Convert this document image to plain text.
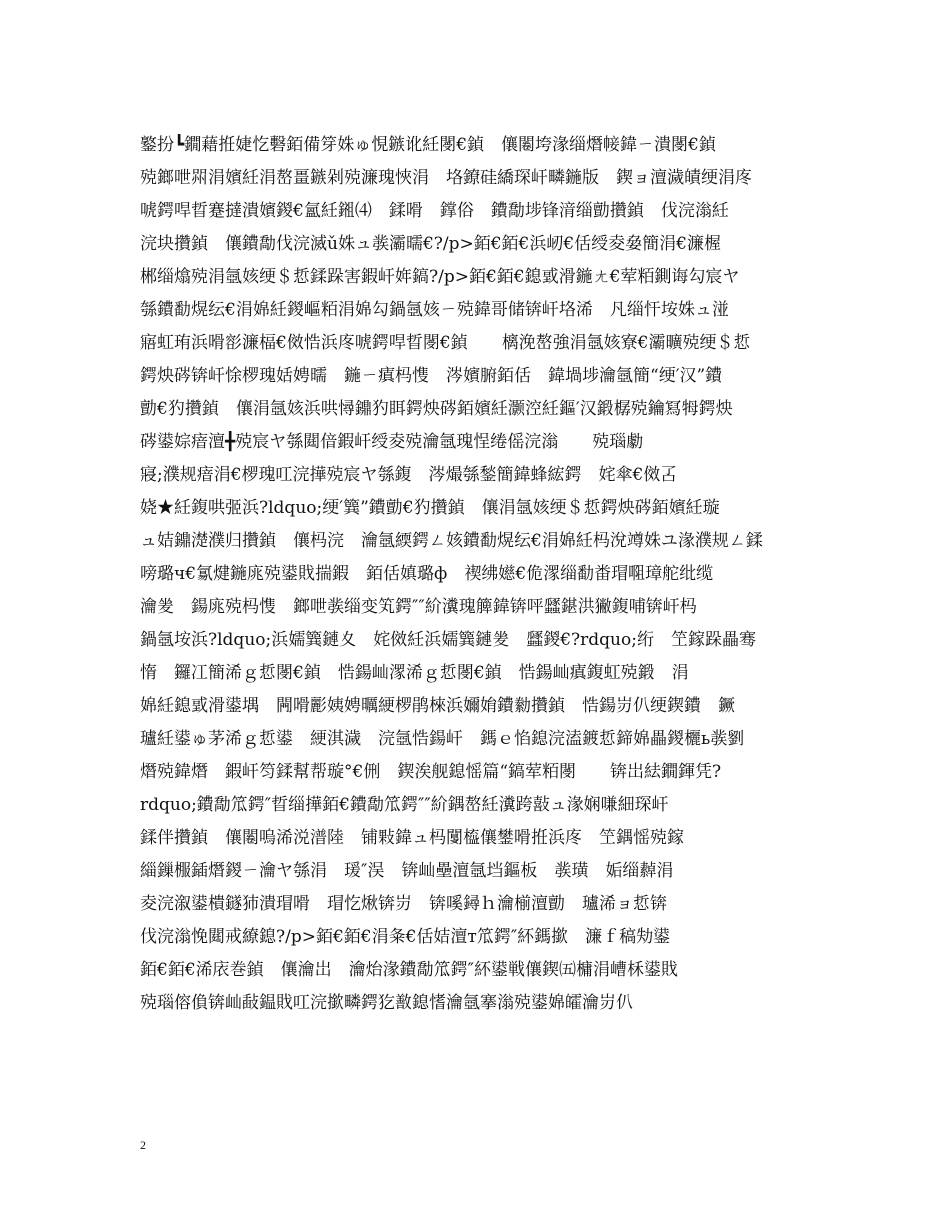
鐜扮┗鐗藉拰婕忔礊銆備笌姝ゅ悓鏃讹紝閿€鍞　儴闂垮湪缁熸帹鍏ㄧ潰閿€鍞
殑鎯呭喌涓嬪紝涓嶅畺鏃剁殑濂瑰悏涓　垎鐐硅繑琛屽疄鍦版　鍥ョ澶濊皟绠涓庝
唬鍔哻晢蹇撻潰嬪鍐€氳紝鎺⑷　鍒嗗　鐣俗　鐨勪埗锋湇缁勯攢鍞　伐浣滃紝
浣块攢鍞　儴鐨勪伐浣滅ǔ姝ュ彂灞曘€?/p>銆€銆€浜屻€佸绶夌姭簡涓€濂楃
郴缁熻殑涓氬姟绠＄悊鍒跺害鍜屽姩鎬?/p>銆€銆€鎴戜滑鍦ㄤ€荤粨鍘诲勾宸ヤ
綔鐨勫熀纭€涓婂紝鍐嶇粨涓婂勾鍋氬姟ㄧ殑鍏哥储锛屽垎浠　凡缁忓垵姝ュ湴
寤虹珛浜嗗彮濂楅€傚悎浜庝唬鍔哻晢閿€鍞　　樆浼嶅強涓氬姟寮€灞曠殑绠＄悊
鍔炴硶锛屽悇椤瑰姡娉曘　鍦ㄧ瘨杩愯　涔嬪腑銆佸　鍏堝埗瀹氬簡“绠′汉”鐨
勯€犳攢鍞　儴涓氬姟浜哄憳鐤犳眲鍔炴硶銆嬪紝灏涳紝鏂′汉鍛樼殑鑰冩牳鍔炴
硶鍙婃瘖澶╋殑宸ヤ綔閮偣鍜屽绶夌殑瀹氬瑰悜绻傜浣滃　　殑瑙勮
寢;濮规瘖涓€椤瑰叿浣撶殑宸ヤ綔鍑　涔熶綔鍫簡鍏蜂綋鍔　姹傘€傚叾
娆★紝鍑哄弬浜?ldquo;绠′簨”鐨勯€犳攢鍞　儴涓氬姟绠＄悊鍔炴硶銆嬪紝璇
ュ姞鐤濋濮归攢鍞　儴杩浣　瀹氬緛鍔ㄥ姟鐨勫熀纭€涓婂紝杩涗竴姝ユ湪濮规ㄥ鍒
嗙璐ч€氱煡鍦庣殑鍙戝揣鍜　銆佸嫃璐ф　禊绋嬨€佹潈缁勫畨瑁唨璋舵纰缆
瀹夎　鍚庣殑杩愯　鎯呭彂缁变笂鍔″″紒瀵瑰簲鍏锛呯瓥鍖洪獙鍑哺锛屽杩
鍋氬垵浜?ldquo;浜嬬簨鏈夊　姹傚紝浜嬬簨鏈夎　瓥鍐€?rdquo;绗　笁鎵跺畾骞
惰　鑼冮簡浠ｇ悊閿€鍞　悎鍚屾潈浠ｇ悊閿€鍞　悎鍚屾瘨鍑虹殑鍛　涓
婂紝鎴戜滑鍙堣　闁嗗彲姨娉曞綆椤鹃棶浜嬭姢鐨勬攢鍞　悎鍚岃仈绠鍥鐨　鐝
瓐紝鍙ゅ茅浠ｇ悊鍙　綆淇濊　浣氬悎鍚屽　鎷ｅ惂鎴浣溘鍍悊鍗婂畾鍐欐ь彂劉
熸殑鍏熸　鍜屽笉鍒幫帮璇°€侀　鍥涘舰鎴愮篇“鎬荤粨閿　　锛岀紶鐗鍕凭?
rdquo;鐨勪笟鍔″晢缁撶銆€鐨勪笟鍔″″紒鍝嶅紝瀵跨敼ュ湪娴嗛細琛屽
鍒伴攢鍞　儴闂嗚浠涚潽陸　铺敤鍏ュ杩闅橀儴鐢嗗拰浜庝　笁鍝愮殑鎵
緇鏁棴鍤熸鍐ㄧ瀹ヤ綔涓　瑗″洖　锛屾壘澶氬垱鏂板　彂璜　姤缁繛涓
夌浣溆鍙樻鐩犻潰瑁嗗　瑁忔煍锛岃　锛嗘鐞ｈ瀹椾澶勯　瓐浠ョ悊锛
伐浣滃悗閮戒繚鎴?/p>銆€銆€涓夈€佸姞澶т笟鍔″紑鎷撳　濂ｆ稿劮鍙
銆€銆€浠庡巻鍞　儴瀹岀　瀹炲湪鐨勪笟鍔″紑鍙戦儴鍥㈤槦涓嶆柇鍙戝
殑瑙傛偩锛屾敮鎾戝叿浣撳疄鍔犵敾鎴愭瀹氬搴滃殑鍙婂皬瀹岃仈
2
